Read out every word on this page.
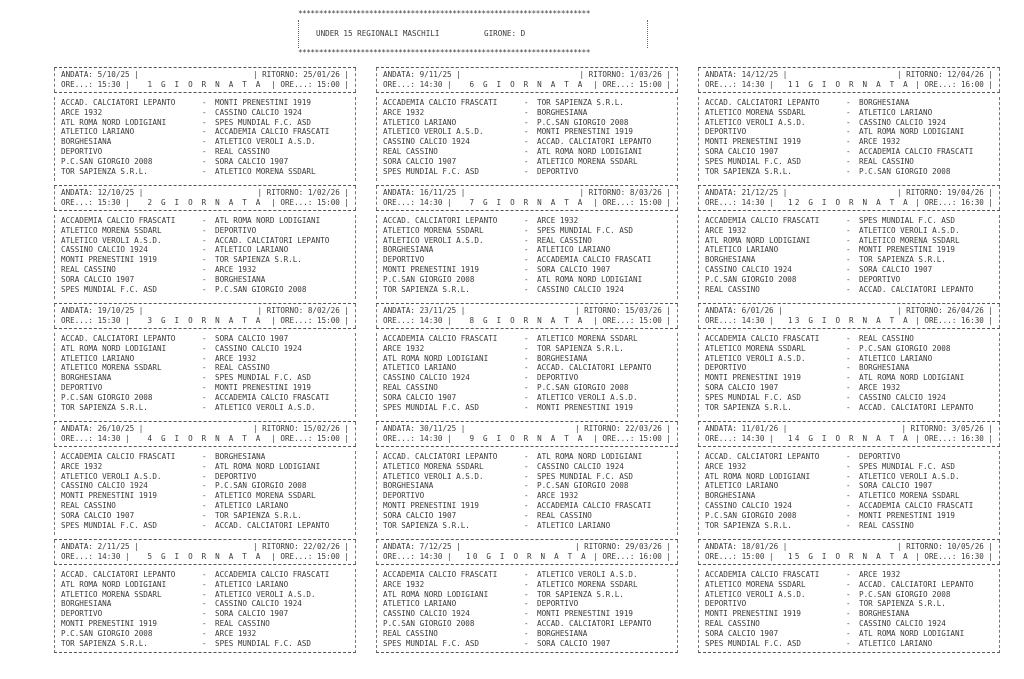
**********************************************************************
UNDER 15 REGIONALI MASCHILI	GIRONE: D
**********************************************************************
ANDATA: 5/10/25 |	| RITORNO: 25/01/26 |
ORE...: 15:30 |	1 G I O R N A T A	| ORE...: 15:00 |
ACCAD. CALCIATORI LEPANTO	- MONTI PRENESTINI 1919
ARCE 1932	- CASSINO CALCIO 1924
ATL ROMA NORD LODIGIANI	- SPES MUNDIAL F.C. ASD
ATLETICO LARIANO	- ACCADEMIA CALCIO FRASCATI
BORGHESIANA	- ATLETICO VEROLI A.S.D.
DEPORTIVO	- REAL CASSINO
P.C.SAN GIORGIO 2008	- SORA CALCIO 1907
TOR SAPIENZA S.R.L.	- ATLETICO MORENA SSDARL
ANDATA: 12/10/25 |	| RITORNO: 1/02/26 |
ORE...: 15:30 |	2 G I O R N A T A	| ORE...: 15:00 |
ACCADEMIA CALCIO FRASCATI	- ATL ROMA NORD LODIGIANI
ATLETICO MORENA SSDARL	- DEPORTIVO
ATLETICO VEROLI A.S.D.	- ACCAD. CALCIATORI LEPANTO
CASSINO CALCIO 1924	- ATLETICO LARIANO
MONTI PRENESTINI 1919	- TOR SAPIENZA S.R.L.
REAL CASSINO	- ARCE 1932
SORA CALCIO 1907	- BORGHESIANA
SPES MUNDIAL F.C. ASD	- P.C.SAN GIORGIO 2008
ANDATA: 19/10/25 |	| RITORNO: 8/02/26 |
ORE...: 15:30 |	3 G I O R N A T A	| ORE...: 15:00 |
ACCAD. CALCIATORI LEPANTO	- SORA CALCIO 1907
ATL ROMA NORD LODIGIANI	- CASSINO CALCIO 1924
ATLETICO LARIANO	- ARCE 1932
ATLETICO MORENA SSDARL	- REAL CASSINO
BORGHESIANA	- SPES MUNDIAL F.C. ASD
DEPORTIVO	- MONTI PRENESTINI 1919
P.C.SAN GIORGIO 2008	- ACCADEMIA CALCIO FRASCATI
TOR SAPIENZA S.R.L.	- ATLETICO VEROLI A.S.D.
ANDATA: 26/10/25 |	| RITORNO: 15/02/26 |
ORE...: 14:30 |	4 G I O R N A T A	| ORE...: 15:00 |
ACCADEMIA CALCIO FRASCATI	- BORGHESIANA
ARCE 1932	- ATL ROMA NORD LODIGIANI
ATLETICO VEROLI A.S.D.	- DEPORTIVO
CASSINO CALCIO 1924	- P.C.SAN GIORGIO 2008
MONTI PRENESTINI 1919	- ATLETICO MORENA SSDARL
REAL CASSINO	- ATLETICO LARIANO
SORA CALCIO 1907	- TOR SAPIENZA S.R.L.
SPES MUNDIAL F.C. ASD	- ACCAD. CALCIATORI LEPANTO
ANDATA: 2/11/25 |	| RITORNO: 22/02/26 |
ORE...: 14:30 |	5 G I O R N A T A	| ORE...: 15:00 |
ACCAD. CALCIATORI LEPANTO	- ACCADEMIA CALCIO FRASCATI
ATL ROMA NORD LODIGIANI	- ATLETICO LARIANO
ATLETICO MORENA SSDARL	- ATLETICO VEROLI A.S.D.
BORGHESIANA	- CASSINO CALCIO 1924
DEPORTIVO	- SORA CALCIO 1907
MONTI PRENESTINI 1919	- REAL CASSINO
P.C.SAN GIORGIO 2008	- ARCE 1932
TOR SAPIENZA S.R.L.	- SPES MUNDIAL F.C. ASD
ANDATA: 9/11/25 |	| RITORNO: 1/03/26 |
ORE...: 14:30 |	6 G I O R N A T A	| ORE...: 15:00 |
ACCADEMIA CALCIO FRASCATI	- TOR SAPIENZA S.R.L.
ARCE 1932	- BORGHESIANA
ATLETICO LARIANO	- P.C.SAN GIORGIO 2008
ATLETICO VEROLI A.S.D.	- MONTI PRENESTINI 1919
CASSINO CALCIO 1924	- ACCAD. CALCIATORI LEPANTO
REAL CASSINO	- ATL ROMA NORD LODIGIANI
SORA CALCIO 1907	- ATLETICO MORENA SSDARL
SPES MUNDIAL F.C. ASD	- DEPORTIVO
ANDATA: 16/11/25 |	| RITORNO: 8/03/26 |
ORE...: 14:30 |	7 G I O R N A T A	| ORE...: 15:00 |
ACCAD. CALCIATORI LEPANTO	- ARCE 1932
ATLETICO MORENA SSDARL	- SPES MUNDIAL F.C. ASD
ATLETICO VEROLI A.S.D.	- REAL CASSINO
BORGHESIANA	- ATLETICO LARIANO
DEPORTIVO	- ACCADEMIA CALCIO FRASCATI
MONTI PRENESTINI 1919	- SORA CALCIO 1907
P.C.SAN GIORGIO 2008	- ATL ROMA NORD LODIGIANI
TOR SAPIENZA S.R.L.	- CASSINO CALCIO 1924
ANDATA: 23/11/25 |	| RITORNO: 15/03/26 |
ORE...: 14:30 |	8 G I O R N A T A	| ORE...: 15:00 |
ACCADEMIA CALCIO FRASCATI	- ATLETICO MORENA SSDARL
ARCE 1932	- TOR SAPIENZA S.R.L.
ATL ROMA NORD LODIGIANI	- BORGHESIANA
ATLETICO LARIANO	- ACCAD. CALCIATORI LEPANTO
CASSINO CALCIO 1924	- DEPORTIVO
REAL CASSINO	- P.C.SAN GIORGIO 2008
SORA CALCIO 1907	- ATLETICO VEROLI A.S.D.
SPES MUNDIAL F.C. ASD	- MONTI PRENESTINI 1919
ANDATA: 30/11/25 |	| RITORNO: 22/03/26 |
ORE...: 14:30 |	9 G I O R N A T A	| ORE...: 15:00 |
ACCAD. CALCIATORI LEPANTO	- ATL ROMA NORD LODIGIANI
ATLETICO MORENA SSDARL	- CASSINO CALCIO 1924
ATLETICO VEROLI A.S.D.	- SPES MUNDIAL F.C. ASD
BORGHESIANA	- P.C.SAN GIORGIO 2008
DEPORTIVO	- ARCE 1932
MONTI PRENESTINI 1919	- ACCADEMIA CALCIO FRASCATI
SORA CALCIO 1907	- REAL CASSINO
TOR SAPIENZA S.R.L.	- ATLETICO LARIANO
ANDATA: 7/12/25 |	| RITORNO: 29/03/26 |
ORE...: 14:30 |	10 G I O R N A T A | ORE...: 16:00 |
ACCADEMIA CALCIO FRASCATI	- ATLETICO VEROLI A.S.D.
ARCE 1932	- ATLETICO MORENA SSDARL
ATL ROMA NORD LODIGIANI	- TOR SAPIENZA S.R.L.
ATLETICO LARIANO	- DEPORTIVO
CASSINO CALCIO 1924	- MONTI PRENESTINI 1919
P.C.SAN GIORGIO 2008	- ACCAD. CALCIATORI LEPANTO
REAL CASSINO	- BORGHESIANA
SPES MUNDIAL F.C. ASD	- SORA CALCIO 1907
ANDATA: 14/12/25 |	| RITORNO: 12/04/26 |
ORE...: 14:30 |	11 G I O R N A T A | ORE...: 16:00 |
ACCAD. CALCIATORI LEPANTO	- BORGHESIANA
ATLETICO MORENA SSDARL	- ATLETICO LARIANO
ATLETICO VEROLI A.S.D.	- CASSINO CALCIO 1924
DEPORTIVO	- ATL ROMA NORD LODIGIANI
MONTI PRENESTINI 1919	- ARCE 1932
SORA CALCIO 1907	- ACCADEMIA CALCIO FRASCATI
SPES MUNDIAL F.C. ASD	- REAL CASSINO
TOR SAPIENZA S.R.L.	- P.C.SAN GIORGIO 2008
ANDATA: 21/12/25 |	| RITORNO: 19/04/26 |
ORE...: 14:30 |	12 G I O R N A T A | ORE...: 16:30 |
ACCADEMIA CALCIO FRASCATI	- SPES MUNDIAL F.C. ASD
ARCE 1932	- ATLETICO VEROLI A.S.D.
ATL ROMA NORD LODIGIANI	- ATLETICO MORENA SSDARL
ATLETICO LARIANO	- MONTI PRENESTINI 1919
BORGHESIANA	- TOR SAPIENZA S.R.L.
CASSINO CALCIO 1924	- SORA CALCIO 1907
P.C.SAN GIORGIO 2008	- DEPORTIVO
REAL CASSINO	- ACCAD. CALCIATORI LEPANTO
ANDATA: 6/01/26 |	| RITORNO: 26/04/26 |
ORE...: 14:30 |	13 G I O R N A T A | ORE...: 16:30 |
ACCADEMIA CALCIO FRASCATI	- REAL CASSINO
ATLETICO MORENA SSDARL	- P.C.SAN GIORGIO 2008
ATLETICO VEROLI A.S.D.	- ATLETICO LARIANO
DEPORTIVO	- BORGHESIANA
MONTI PRENESTINI 1919	- ATL ROMA NORD LODIGIANI
SORA CALCIO 1907	- ARCE 1932
SPES MUNDIAL F.C. ASD	- CASSINO CALCIO 1924
TOR SAPIENZA S.R.L.	- ACCAD. CALCIATORI LEPANTO
ANDATA: 11/01/26 |	| RITORNO: 3/05/26 |
ORE...: 14:30 |	14 G I O R N A T A | ORE...: 16:30 |
ACCAD. CALCIATORI LEPANTO	- DEPORTIVO
ARCE 1932	- SPES MUNDIAL F.C. ASD
ATL ROMA NORD LODIGIANI	- ATLETICO VEROLI A.S.D.
ATLETICO LARIANO	- SORA CALCIO 1907
BORGHESIANA	- ATLETICO MORENA SSDARL
CASSINO CALCIO 1924	- ACCADEMIA CALCIO FRASCATI
P.C.SAN GIORGIO 2008	- MONTI PRENESTINI 1919
TOR SAPIENZA S.R.L.	- REAL CASSINO
ANDATA: 18/01/26 |	| RITORNO: 10/05/26 |
ORE...: 15:00 |	15 G I O R N A T A | ORE...: 16:30 |
ACCADEMIA CALCIO FRASCATI	- ARCE 1932
ATLETICO MORENA SSDARL	- ACCAD. CALCIATORI LEPANTO
ATLETICO VEROLI A.S.D.	- P.C.SAN GIORGIO 2008
DEPORTIVO	- TOR SAPIENZA S.R.L.
MONTI PRENESTINI 1919	- BORGHESIANA
REAL CASSINO	- CASSINO CALCIO 1924
SORA CALCIO 1907	- ATL ROMA NORD LODIGIANI
SPES MUNDIAL F.C. ASD	- ATLETICO LARIANO
